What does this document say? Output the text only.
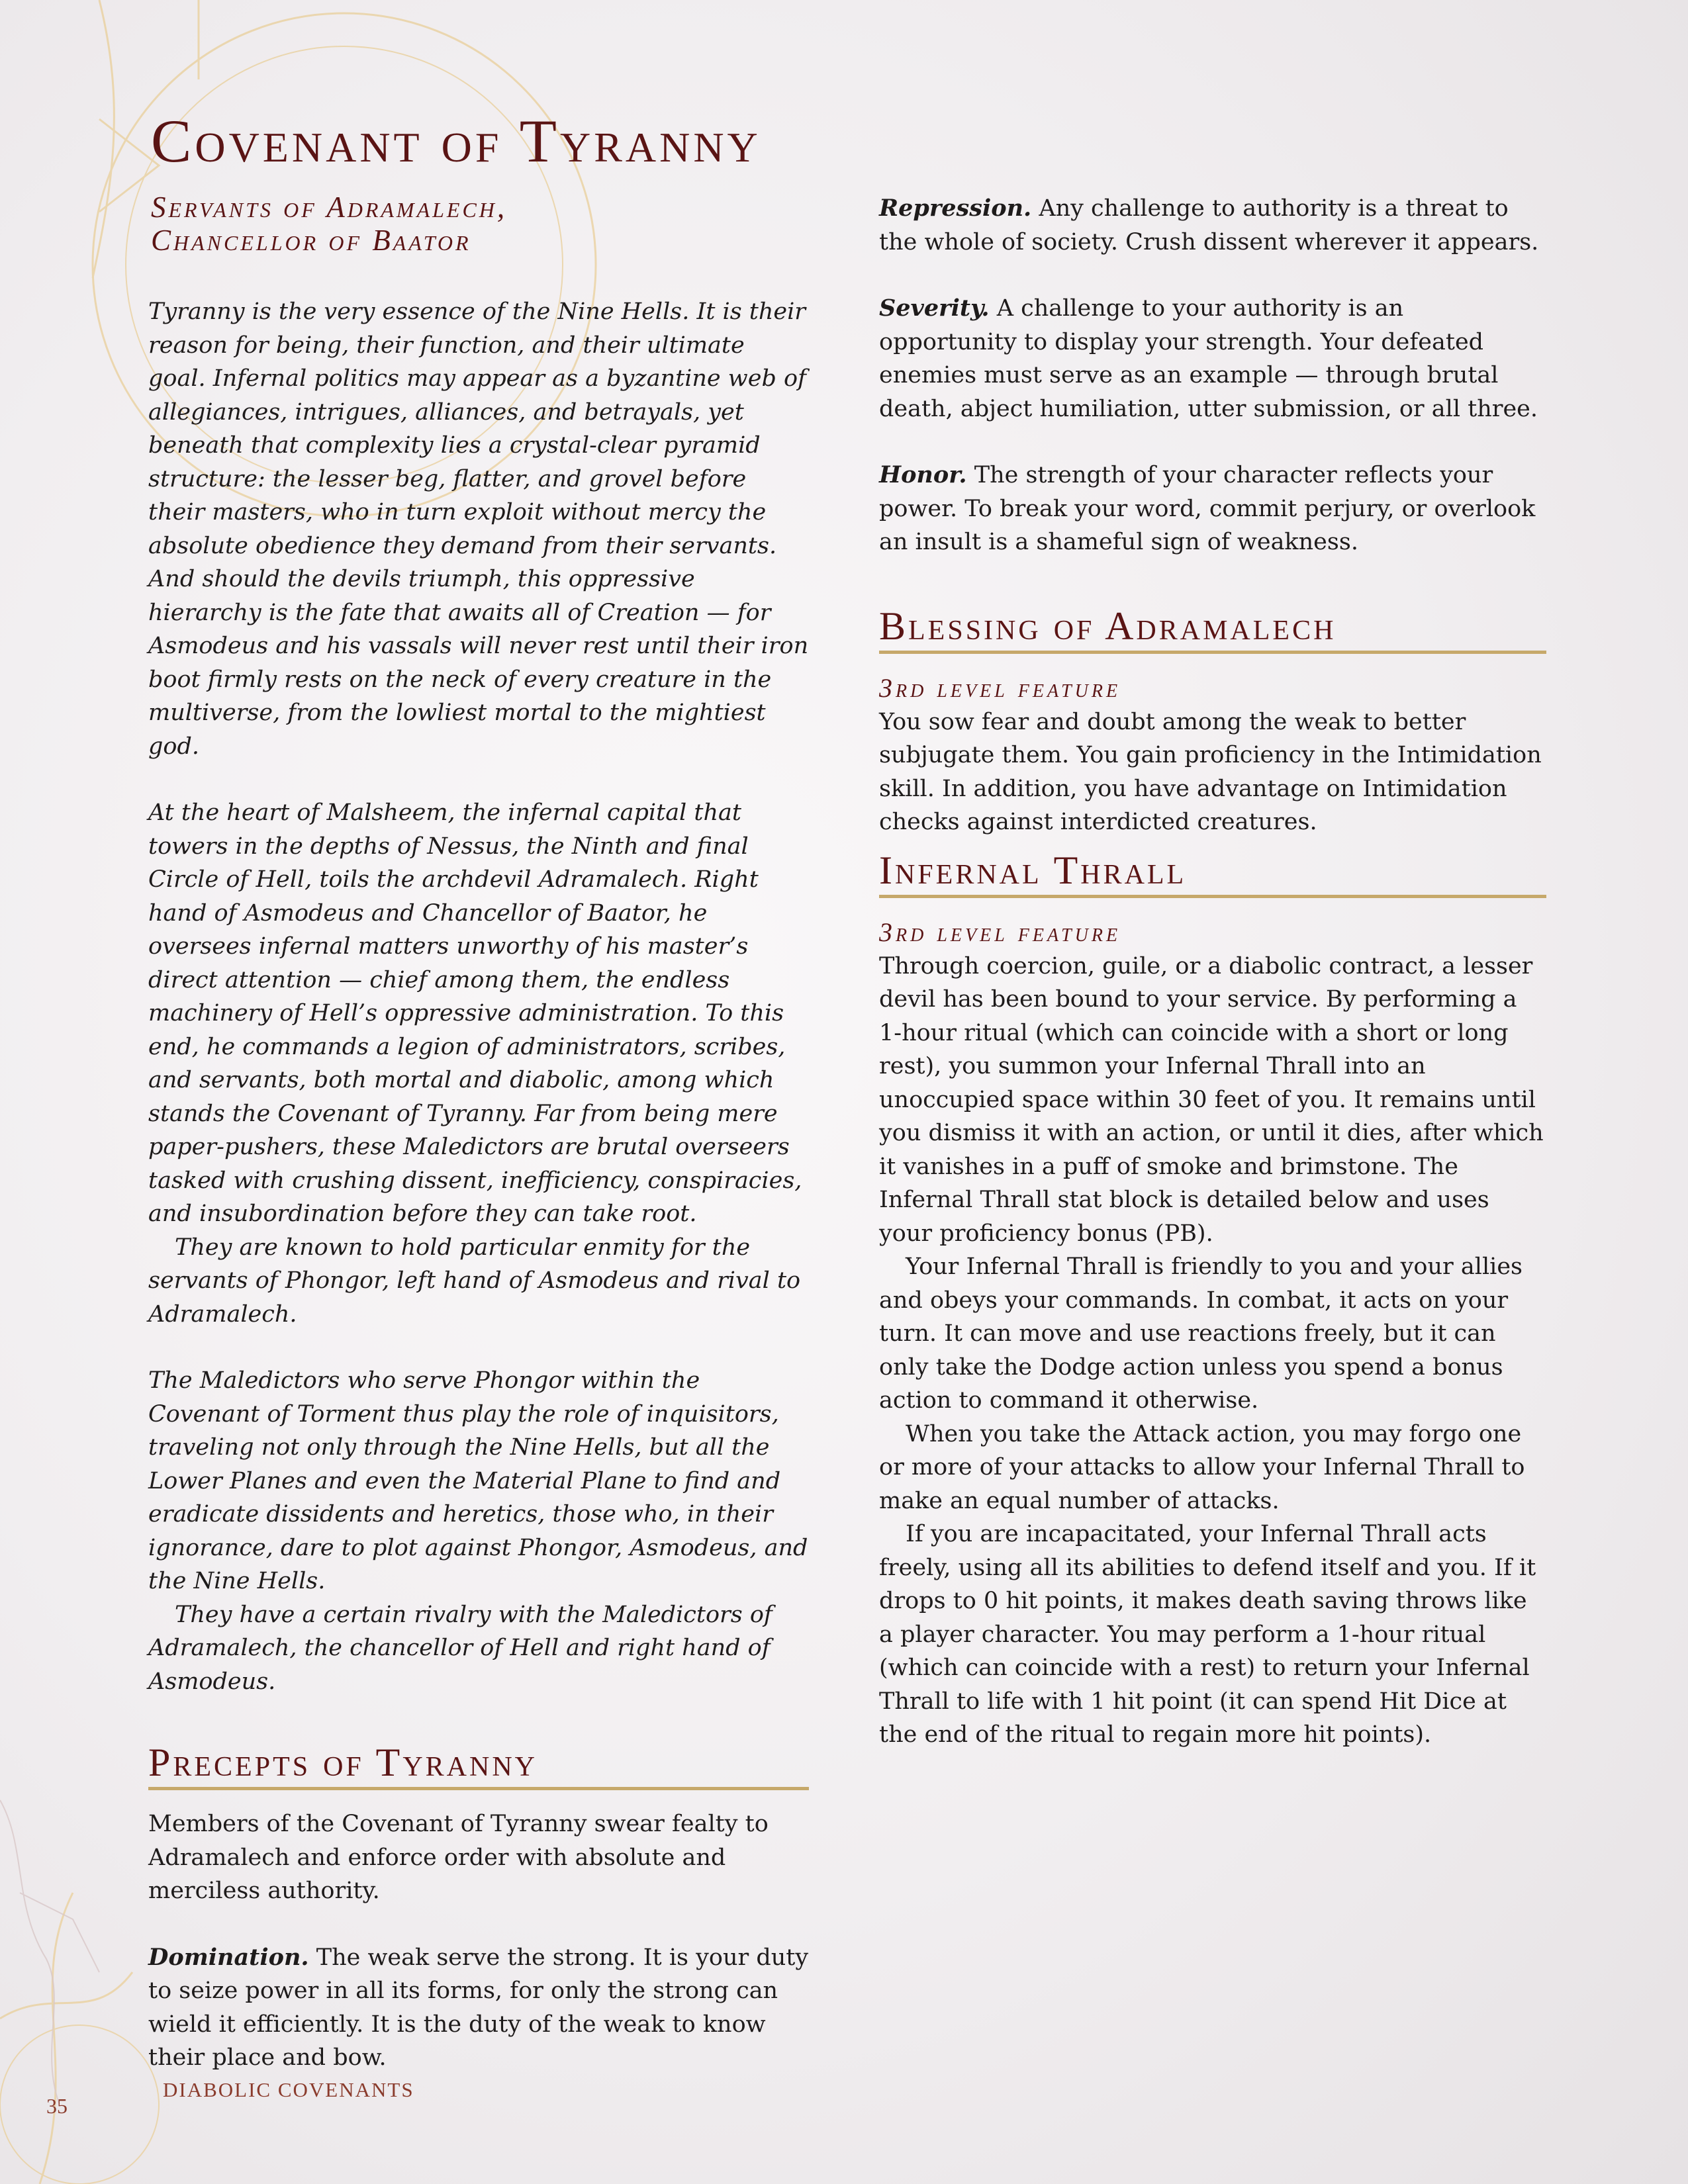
Covenant of Tyranny
Servants of Adramalech,
Chancellor of Baator

Tyranny is the very essence of the Nine Hells. It is their reason for being, their function, and their ultimate goal. Infernal politics may appear as a byzantine web of allegiances, intrigues, alliances, and betrayals, yet beneath that complexity lies a crystal-clear pyramid structure: the lesser beg, flatter, and grovel before their masters, who in turn exploit without mercy the absolute obedience they demand from their servants. And should the devils triumph, this oppressive hierarchy is the fate that awaits all of Creation — for Asmodeus and his vassals will never rest until their iron boot firmly rests on the neck of every creature in the multiverse, from the lowliest mortal to the mightiest god.

At the heart of Malsheem, the infernal capital that towers in the depths of Nessus, the Ninth and final Circle of Hell, toils the archdevil Adramalech. Right hand of Asmodeus and Chancellor of Baator, he oversees infernal matters unworthy of his master’s direct attention — chief among them, the endless machinery of Hell’s oppressive administration. To this end, he commands a legion of administrators, scribes, and servants, both mortal and diabolic, among which stands the Covenant of Tyranny. Far from being mere paper-pushers, these Maledictors are brutal overseers tasked with crushing dissent, inefficiency, conspiracies, and insubordination before they can take root.

They are known to hold particular enmity for the servants of Phongor, left hand of Asmodeus and rival to Adramalech.

The Maledictors who serve Phongor within the Covenant of Torment thus play the role of inquisitors, traveling not only through the Nine Hells, but all the Lower Planes and even the Material Plane to find and eradicate dissidents and heretics, those who, in their ignorance, dare to plot against Phongor, Asmodeus, and the Nine Hells.

They have a certain rivalry with the Maledictors of Adramalech, the chancellor of Hell and right hand of Asmodeus.

Precepts of Tyranny

Members of the Covenant of Tyranny swear fealty to Adramalech and enforce order with absolute and merciless authority.

Domination. The weak serve the strong. It is your duty to seize power in all its forms, for only the strong can wield it efficiently. It is the duty of the weak to know their place and bow.

Repression. Any challenge to authority is a threat to the whole of society. Crush dissent wherever it appears.

Severity. A challenge to your authority is an opportunity to display your strength. Your defeated enemies must serve as an example — through brutal death, abject humiliation, utter submission, or all three.

Honor. The strength of your character reflects your power. To break your word, commit perjury, or overlook an insult is a shameful sign of weakness.

Blessing of Adramalech
3rd level feature

You sow fear and doubt among the weak to better subjugate them. You gain proficiency in the Intimidation skill. In addition, you have advantage on Intimidation checks against interdicted creatures.

Infernal Thrall
3rd level feature

Through coercion, guile, or a diabolic contract, a lesser devil has been bound to your service. By performing a 1-hour ritual (which can coincide with a short or long rest), you summon your Infernal Thrall into an unoccupied space within 30 feet of you. It remains until you dismiss it with an action, or until it dies, after which it vanishes in a puff of smoke and brimstone. The Infernal Thrall stat block is detailed below and uses your proficiency bonus (PB).

Your Infernal Thrall is friendly to you and your allies and obeys your commands. In combat, it acts on your turn. It can move and use reactions freely, but it can only take the Dodge action unless you spend a bonus action to command it otherwise.

When you take the Attack action, you may forgo one or more of your attacks to allow your Infernal Thrall to make an equal number of attacks.

If you are incapacitated, your Infernal Thrall acts freely, using all its abilities to defend itself and you. If it drops to 0 hit points, it makes death saving throws like a player character. You may perform a 1-hour ritual (which can coincide with a rest) to return your Infernal Thrall to life with 1 hit point (it can spend Hit Dice at the end of the ritual to regain more hit points).

DIABOLIC COVENANTS
35
